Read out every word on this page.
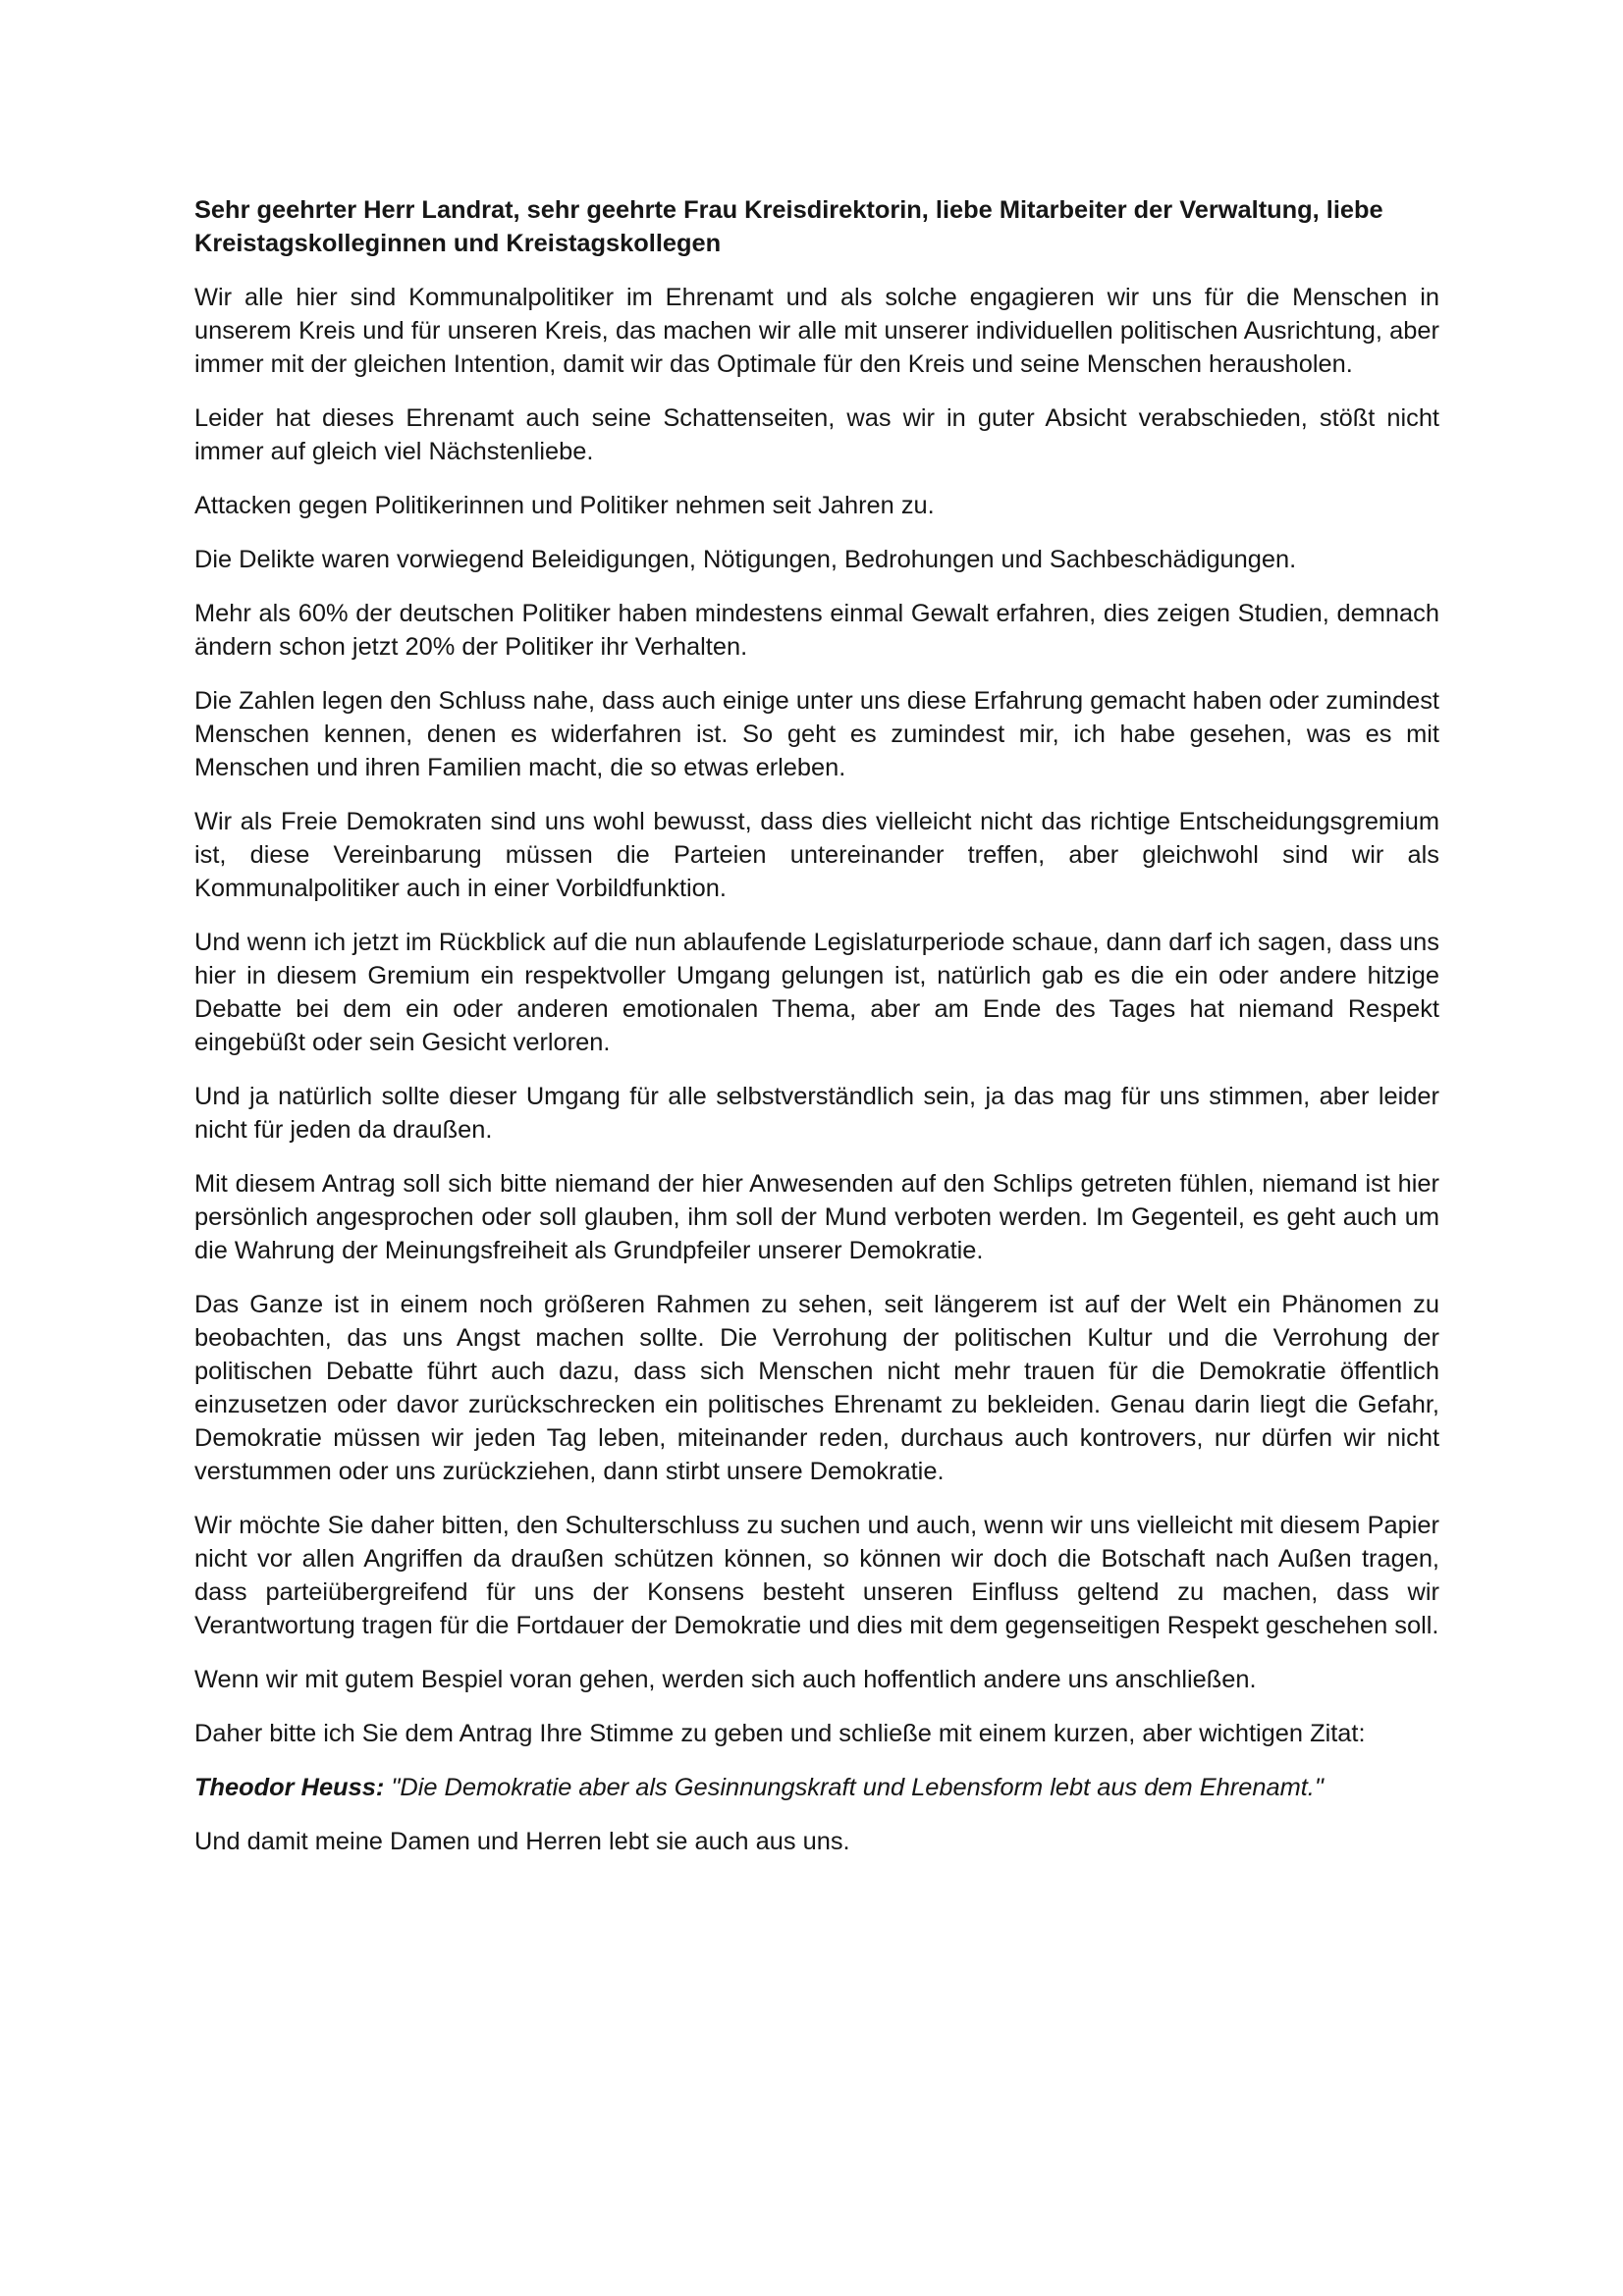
Sehr geehrter Herr Landrat, sehr geehrte Frau Kreisdirektorin, liebe Mitarbeiter der Verwaltung, liebe Kreistagskolleginnen und Kreistagskollegen

Wir alle hier sind Kommunalpolitiker im Ehrenamt und als solche engagieren wir uns für die Menschen in unserem Kreis und für unseren Kreis, das machen wir alle mit unserer individuellen politischen Ausrichtung, aber immer mit der gleichen Intention, damit wir das Optimale für den Kreis und seine Menschen herausholen.

Leider hat dieses Ehrenamt auch seine Schattenseiten, was wir in guter Absicht verabschieden, stößt nicht immer auf gleich viel Nächstenliebe.

Attacken gegen Politikerinnen und Politiker nehmen seit Jahren zu.

Die Delikte waren vorwiegend Beleidigungen, Nötigungen, Bedrohungen und Sachbeschädigungen.

Mehr als 60% der deutschen Politiker haben mindestens einmal Gewalt erfahren, dies zeigen Studien, demnach ändern schon jetzt 20% der Politiker ihr Verhalten.

Die Zahlen legen den Schluss nahe, dass auch einige unter uns diese Erfahrung gemacht haben oder zumindest Menschen kennen, denen es widerfahren ist. So geht es zumindest mir, ich habe gesehen, was es mit Menschen und ihren Familien macht, die so etwas erleben.

Wir als Freie Demokraten sind uns wohl bewusst, dass dies vielleicht nicht das richtige Entscheidungsgremium ist, diese Vereinbarung müssen die Parteien untereinander treffen, aber gleichwohl sind wir als Kommunalpolitiker auch in einer Vorbildfunktion.

Und wenn ich jetzt im Rückblick auf die nun ablaufende Legislaturperiode schaue, dann darf ich sagen, dass uns hier in diesem Gremium ein respektvoller Umgang gelungen ist, natürlich gab es die ein oder andere hitzige Debatte bei dem ein oder anderen emotionalen Thema, aber am Ende des Tages hat niemand Respekt eingebüßt oder sein Gesicht verloren.

Und ja natürlich sollte dieser Umgang für alle selbstverständlich sein, ja das mag für uns stimmen, aber leider nicht für jeden da draußen.

Mit diesem Antrag soll sich bitte niemand der hier Anwesenden auf den Schlips getreten fühlen, niemand ist hier persönlich angesprochen oder soll glauben, ihm soll der Mund verboten werden. Im Gegenteil, es geht auch um die Wahrung der Meinungsfreiheit als Grundpfeiler unserer Demokratie.

Das Ganze ist in einem noch größeren Rahmen zu sehen, seit längerem ist auf der Welt ein Phänomen zu beobachten, das uns Angst machen sollte. Die Verrohung der politischen Kultur und die Verrohung der politischen Debatte führt auch dazu, dass sich Menschen nicht mehr trauen für die Demokratie öffentlich einzusetzen oder davor zurückschrecken ein politisches Ehrenamt zu bekleiden. Genau darin liegt die Gefahr, Demokratie müssen wir jeden Tag leben, miteinander reden, durchaus auch kontrovers, nur dürfen wir nicht verstummen oder uns zurückziehen, dann stirbt unsere Demokratie.

Wir möchte Sie daher bitten, den Schulterschluss zu suchen und auch, wenn wir uns vielleicht mit diesem Papier nicht vor allen Angriffen da draußen schützen können, so können wir doch die Botschaft nach Außen tragen, dass parteiübergreifend für uns der Konsens besteht unseren Einfluss geltend zu machen, dass wir Verantwortung tragen für die Fortdauer der Demokratie und dies mit dem gegenseitigen Respekt geschehen soll.

Wenn wir mit gutem Bespiel voran gehen, werden sich auch hoffentlich andere uns anschließen.

Daher bitte ich Sie dem Antrag Ihre Stimme zu geben und schließe mit einem kurzen, aber wichtigen Zitat:

Theodor Heuss: "Die Demokratie aber als Gesinnungskraft und Lebensform lebt aus dem Ehrenamt."

Und damit meine Damen und Herren lebt sie auch aus uns.
